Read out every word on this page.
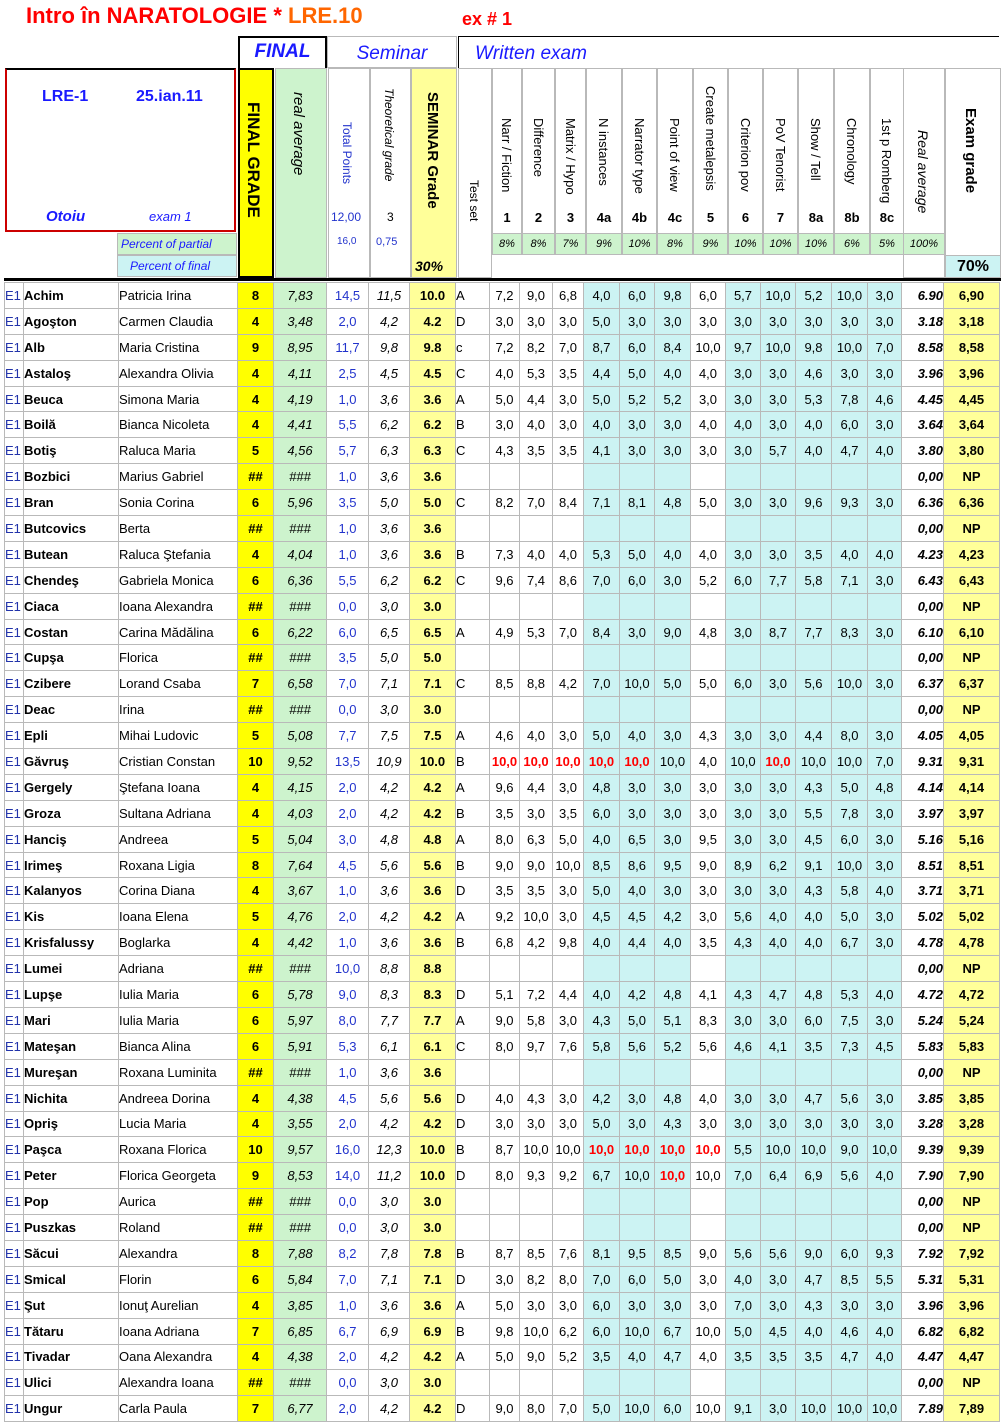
Intro în NARATOLOGIE * LRE.10	ex # 1
FINAL	Seminar	Written exam
LRE-1	25.ian.11
Otoiu	exam 1	FINAL GRADE real average	Total Points
12,00
16,0
Theoretical grade
3
0,75
SEMINAR Grade
30%
Test set
Percent of partial
Percent of final
Narr / Fiction
1
8%
Difference
2
8%
Matrix / Hypo
3
7%
N instances
4a
9%
Narrator type
4b
10%
Point of view
4c
8%
Create metalepsis
5
9%
Criterion pov
6
10%
PoV Tenorist
7
10%
Show / Tell
8a
10%
Chronology
8b
6%
1st p Romberg
8c
5%
Real average
100%
Exam grade
70%
E1	Achim	Patricia Irina	8	7,83	14,5	11,5	10.0	A	7,2	9,0	6,8	4,0	6,0	9,8	6,0	5,7	10,0	5,2	10,0	3,0	6.90	6,90
E1	Agoşton	Carmen Claudia	4	3,48	2,0	4,2	4.2	D	3,0	3,0	3,0	5,0	3,0	3,0	3,0	3,0	3,0	3,0	3,0	3,0	3.18	3,18
E1	Alb	Maria Cristina	9	8,95	11,7	9,8	9.8	c	7,2	8,2	7,0	8,7	6,0	8,4	10,0	9,7	10,0	9,8	10,0	7,0	8.58	8,58
E1	Astaloş	Alexandra Olivia	4	4,11	2,5	4,5	4.5	C	4,0	5,3	3,5	4,4	5,0	4,0	4,0	3,0	3,0	4,6	3,0	3,0	3.96	3,96
E1	Beuca	Simona Maria	4	4,19	1,0	3,6	3.6	A	5,0	4,4	3,0	5,0	5,2	5,2	3,0	3,0	3,0	5,3	7,8	4,6	4.45	4,45
E1	Boilă	Bianca Nicoleta	4	4,41	5,5	6,2	6.2	B	3,0	4,0	3,0	4,0	3,0	3,0	4,0	4,0	3,0	4,0	6,0	3,0	3.64	3,64
E1	Botiş	Raluca Maria	5	4,56	5,7	6,3	6.3	C	4,3	3,5	3,5	4,1	3,0	3,0	3,0	3,0	5,7	4,0	4,7	4,0	3.80	3,80
E1	Bozbici	Marius Gabriel	##	###	1,0	3,6	3.6														0,00	NP
E1	Bran	Sonia Corina	6	5,96	3,5	5,0	5.0	C	8,2	7,0	8,4	7,1	8,1	4,8	5,0	3,0	3,0	9,6	9,3	3,0	6.36	6,36
E1	Butcovics	Berta	##	###	1,0	3,6	3.6														0,00	NP
E1	Butean	Raluca Ştefania	4	4,04	1,0	3,6	3.6	B	7,3	4,0	4,0	5,3	5,0	4,0	4,0	3,0	3,0	3,5	4,0	4,0	4.23	4,23
E1	Chendeş	Gabriela Monica	6	6,36	5,5	6,2	6.2	C	9,6	7,4	8,6	7,0	6,0	3,0	5,2	6,0	7,7	5,8	7,1	3,0	6.43	6,43
E1	Ciaca	Ioana Alexandra	##	###	0,0	3,0	3.0														0,00	NP
E1	Costan	Carina Mădălina	6	6,22	6,0	6,5	6.5	A	4,9	5,3	7,0	8,4	3,0	9,0	4,8	3,0	8,7	7,7	8,3	3,0	6.10	6,10
E1	Cupşa	Florica	##	###	3,5	5,0	5.0														0,00	NP
E1	Czibere	Lorand Csaba	7	6,58	7,0	7,1	7.1	C	8,5	8,8	4,2	7,0	10,0	5,0	5,0	6,0	3,0	5,6	10,0	3,0	6.37	6,37
E1	Deac	Irina	##	###	0,0	3,0	3.0														0,00	NP
E1	Epli	Mihai Ludovic	5	5,08	7,7	7,5	7.5	A	4,6	4,0	3,0	5,0	4,0	3,0	4,3	3,0	3,0	4,4	8,0	3,0	4.05	4,05
E1	Găvruş	Cristian Constan	10	9,52	13,5	10,9	10.0	B	10,0	10,0	10,0	10,0	10,0	10,0	4,0	10,0	10,0	10,0	10,0	7,0	9.31	9,31
E1	Gergely	Ştefana Ioana	4	4,15	2,0	4,2	4.2	A	9,6	4,4	3,0	4,8	3,0	3,0	3,0	3,0	3,0	4,3	5,0	4,8	4.14	4,14
E1	Groza	Sultana Adriana	4	4,03	2,0	4,2	4.2	B	3,5	3,0	3,5	6,0	3,0	3,0	3,0	3,0	3,0	5,5	7,8	3,0	3.97	3,97
E1	Hanciş	Andreea	5	5,04	3,0	4,8	4.8	A	8,0	6,3	5,0	4,0	6,5	3,0	9,5	3,0	3,0	4,5	6,0	3,0	5.16	5,16
E1	Irimeş	Roxana Ligia	8	7,64	4,5	5,6	5.6	B	9,0	9,0	10,0	8,5	8,6	9,5	9,0	8,9	6,2	9,1	10,0	3,0	8.51	8,51
E1	Kalanyos	Corina Diana	4	3,67	1,0	3,6	3.6	D	3,5	3,5	3,0	5,0	4,0	3,0	3,0	3,0	3,0	4,3	5,8	4,0	3.71	3,71
E1	Kis	Ioana Elena	5	4,76	2,0	4,2	4.2	A	9,2	10,0	3,0	4,5	4,5	4,2	3,0	5,6	4,0	4,0	5,0	3,0	5.02	5,02
E1	Krisfalussy	Boglarka	4	4,42	1,0	3,6	3.6	B	6,8	4,2	9,8	4,0	4,4	4,0	3,5	4,3	4,0	4,0	6,7	3,0	4.78	4,78
E1	Lumei	Adriana	##	###	10,0	8,8	8.8														0,00	NP
E1	Lupşe	Iulia Maria	6	5,78	9,0	8,3	8.3	D	5,1	7,2	4,4	4,0	4,2	4,8	4,1	4,3	4,7	4,8	5,3	4,0	4.72	4,72
E1	Mari	Iulia Maria	6	5,97	8,0	7,7	7.7	A	9,0	5,8	3,0	4,3	5,0	5,1	8,3	3,0	3,0	6,0	7,5	3,0	5.24	5,24
E1	Mateşan	Bianca Alina	6	5,91	5,3	6,1	6.1	C	8,0	9,7	7,6	5,8	5,6	5,2	5,6	4,6	4,1	3,5	7,3	4,5	5.83	5,83
E1	Mureşan	Roxana Luminita	##	###	1,0	3,6	3.6														0,00	NP
E1	Nichita	Andreea Dorina	4	4,38	4,5	5,6	5.6	D	4,0	4,3	3,0	4,2	3,0	4,8	4,0	3,0	3,0	4,7	5,6	3,0	3.85	3,85
E1	Opriş	Lucia Maria	4	3,55	2,0	4,2	4.2	D	3,0	3,0	3,0	5,0	3,0	4,3	3,0	3,0	3,0	3,0	3,0	3,0	3.28	3,28
E1	Paşca	Roxana Florica	10	9,57	16,0	12,3	10.0	B	8,7	10,0	10,0	10,0	10,0	10,0	10,0	5,5	10,0	10,0	9,0	10,0	9.39	9,39
E1	Peter	Florica Georgeta	9	8,53	14,0	11,2	10.0	D	8,0	9,3	9,2	6,7	10,0	10,0	10,0	7,0	6,4	6,9	5,6	4,0	7.90	7,90
E1	Pop	Aurica	##	###	0,0	3,0	3.0														0,00	NP
E1	Puszkas	Roland	##	###	0,0	3,0	3.0														0,00	NP
E1	Săcui	Alexandra	8	7,88	8,2	7,8	7.8	B	8,7	8,5	7,6	8,1	9,5	8,5	9,0	5,6	5,6	9,0	6,0	9,3	7.92	7,92
E1	Smical	Florin	6	5,84	7,0	7,1	7.1	D	3,0	8,2	8,0	7,0	6,0	5,0	3,0	4,0	3,0	4,7	8,5	5,5	5.31	5,31
E1	Şut	Ionuţ Aurelian	4	3,85	1,0	3,6	3.6	A	5,0	3,0	3,0	6,0	3,0	3,0	3,0	7,0	3,0	4,3	3,0	3,0	3.96	3,96
E1	Tătaru	Ioana Adriana	7	6,85	6,7	6,9	6.9	B	9,8	10,0	6,2	6,0	10,0	6,7	10,0	5,0	4,5	4,0	4,6	4,0	6.82	6,82
E1	Tivadar	Oana Alexandra	4	4,38	2,0	4,2	4.2	A	5,0	9,0	5,2	3,5	4,0	4,7	4,0	3,5	3,5	3,5	4,7	4,0	4.47	4,47
E1	Ulici	Alexandra Ioana	##	###	0,0	3,0	3.0														0,00	NP
E1	Ungur	Carla Paula	7	6,77	2,0	4,2	4.2	D	9,0	8,0	7,0	5,0	10,0	6,0	10,0	9,1	3,0	10,0	10,0	10,0	7.89	7,89
